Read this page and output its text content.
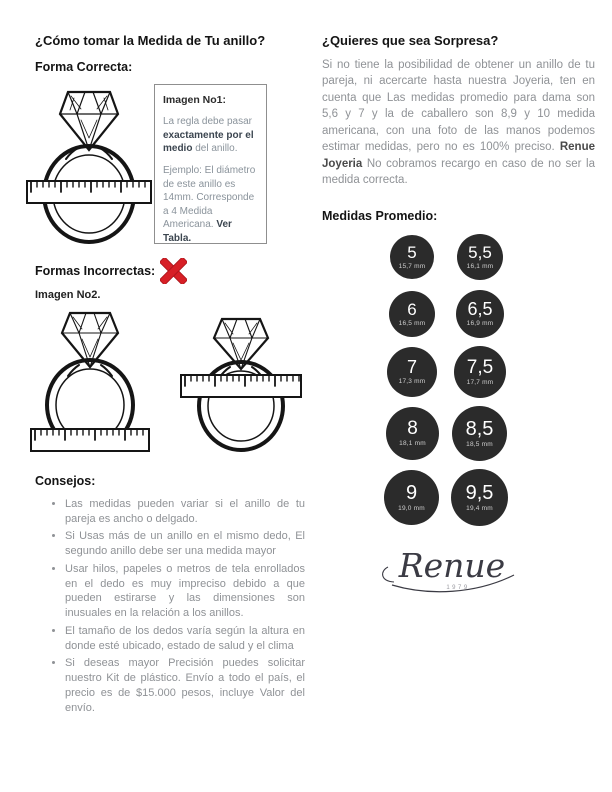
¿Cómo tomar la Medida de Tu anillo?
Forma Correcta:
Imagen No1:

La regla debe pasar exactamente por el medio del anillo.

Ejemplo: El diámetro de este anillo es 14mm. Corresponde a 4 Medida Americana. Ver Tabla.

Formas Incorrectas:
Imagen No2.
Consejos:
• Las medidas pueden variar si el anillo de tu pareja es ancho o delgado.
• Si Usas más de un anillo en el mismo dedo, El segundo anillo debe ser una medida mayor
• Usar hilos, papeles o metros de tela enrollados en el dedo es muy impreciso debido a que pueden estirarse y las dimensiones son inusuales en la relación a los anillos.
• El tamaño de los dedos varía según la altura en donde esté ubicado, estado de salud y el clima
• Si deseas mayor Precisión puedes solicitar nuestro Kit de plástico. Envío a todo el país, el precio es de $15.000 pesos, incluye Valor del envío.
¿Quieres que sea Sorpresa?

Si no tiene la posibilidad de obtener un anillo de tu pareja, ni acercarte hasta nuestra Joyeria, ten en cuenta que Las medidas promedio para dama son 5,6 y 7 y la de caballero son 8,9 y 10 medida americana, con una foto de las manos podemos estimar medidas, pero no es 100% preciso. Renue Joyeria No cobramos recargo en caso de no ser la medida correcta.

Medidas Promedio:
5
15,7 mm
5,5
16,1 mm
6
16,5 mm
6,5
16,9 mm
7
17,3 mm
7,5
17,7 mm
8
18,1 mm
8,5
18,5 mm
9
19,0 mm
9,5
19,4 mm
Renue
1979
